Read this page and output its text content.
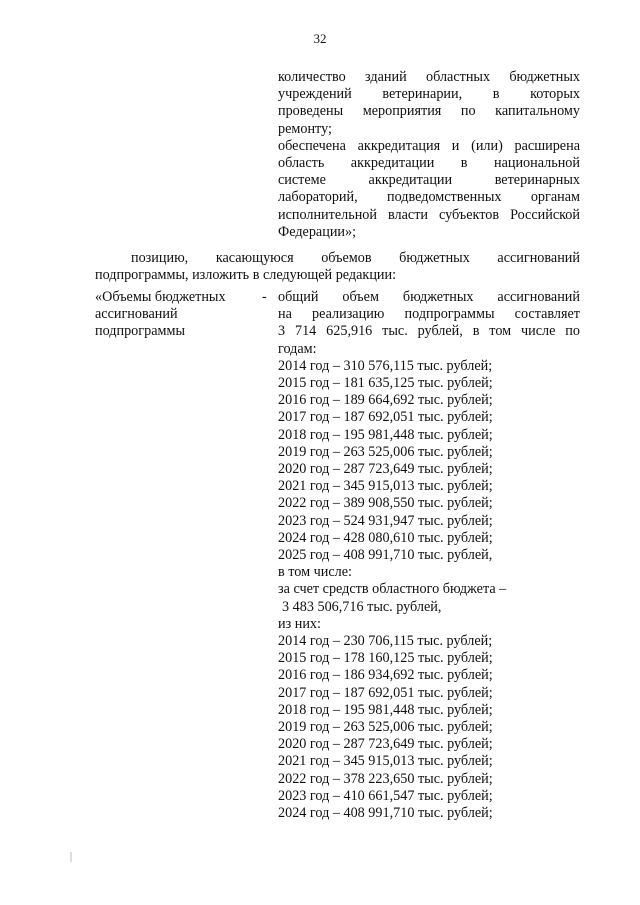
32

количество зданий областных бюджетных

учреждений ветеринарии, в которых

проведены мероприятия по капитальному

ремонту;

обеспечена аккредитация и (или) расширена

область аккредитации в национальной

системе аккредитации ветеринарных

лабораторий, подведомственных органам

исполнительной власти субъектов Российской

Федерации»;

позицию, касающуюся объемов бюджетных ассигнований

подпрограммы, изложить в следующей редакции:

«Объемы бюджетных

ассигнований

подпрограммы

- общий объем бюджетных ассигнований

на реализацию подпрограммы составляет

3 714 625,916 тыс. рублей, в том числе по

годам:

2014 год – 310 576,115 тыс. рублей;

2015 год – 181 635,125 тыс. рублей;

2016 год – 189 664,692 тыс. рублей;

2017 год – 187 692,051 тыс. рублей;

2018 год – 195 981,448 тыс. рублей;

2019 год – 263 525,006 тыс. рублей;

2020 год – 287 723,649 тыс. рублей;

2021 год – 345 915,013 тыс. рублей;

2022 год – 389 908,550 тыс. рублей;

2023 год – 524 931,947 тыс. рублей;

2024 год – 428 080,610 тыс. рублей;

2025 год – 408 991,710 тыс. рублей,

в том числе:

за счет средств областного бюджета –

3 483 506,716 тыс. рублей,

из них:

2014 год – 230 706,115 тыс. рублей;

2015 год – 178 160,125 тыс. рублей;

2016 год – 186 934,692 тыс. рублей;

2017 год – 187 692,051 тыс. рублей;

2018 год – 195 981,448 тыс. рублей;

2019 год – 263 525,006 тыс. рублей;

2020 год – 287 723,649 тыс. рублей;

2021 год – 345 915,013 тыс. рублей;

2022 год – 378 223,650 тыс. рублей;

2023 год – 410 661,547 тыс. рублей;

2024 год – 408 991,710 тыс. рублей;
